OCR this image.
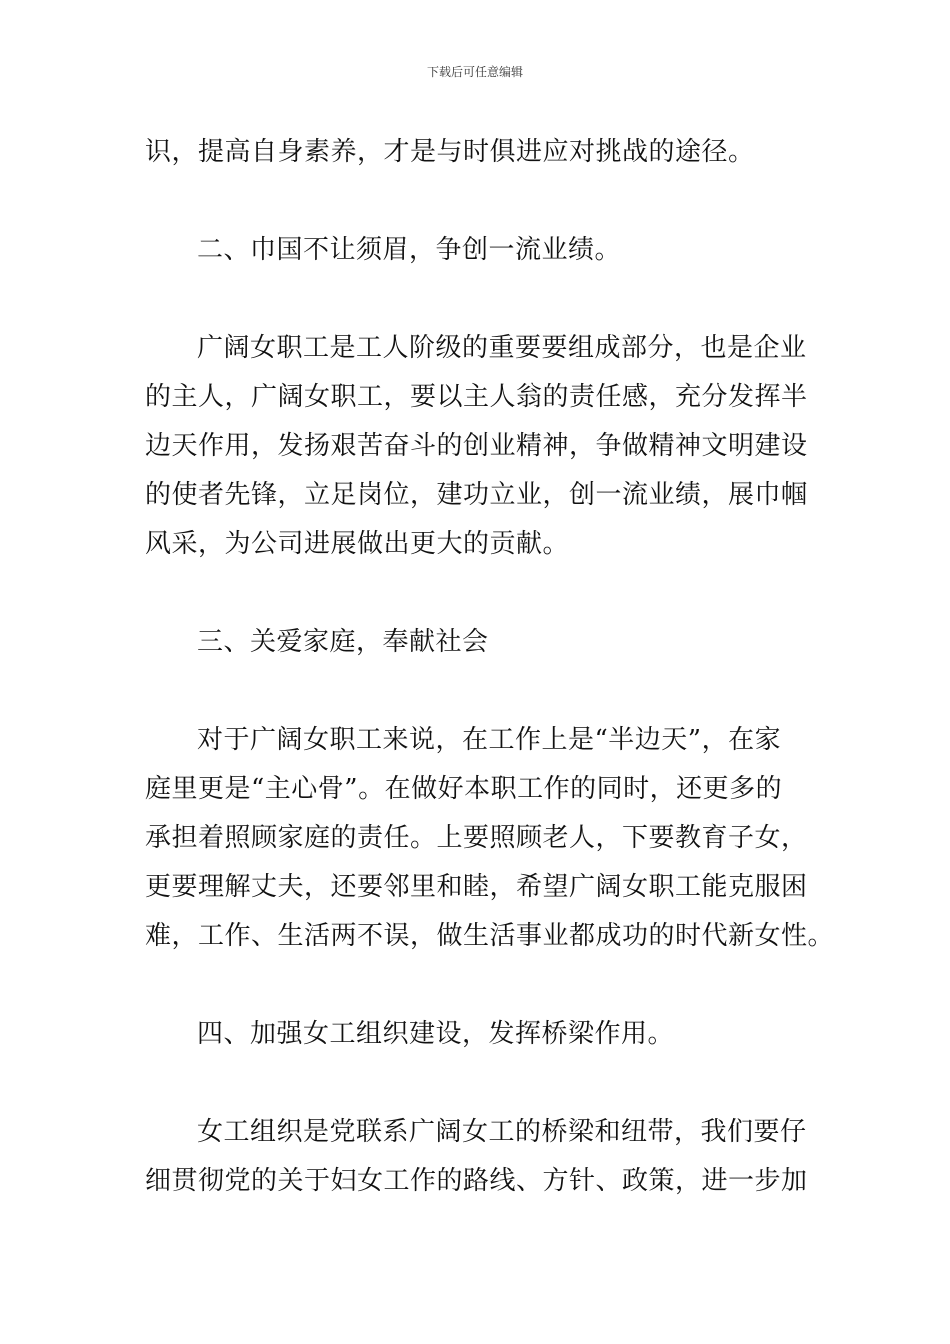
下载后可任意编辑
识，提高自身素养，才是与时俱进应对挑战的途径。
二、巾国不让须眉，争创一流业绩。
广阔女职工是工人阶级的重要要组成部分，也是企业
的主人，广阔女职工，要以主人翁的责任感，充分发挥半
边天作用，发扬艰苦奋斗的创业精神，争做精神文明建设
的使者先锋，立足岗位，建功立业，创一流业绩，展巾帼
风采，为公司进展做出更大的贡献。
三、关爱家庭，奉献社会
对于广阔女职工来说，在工作上是“半边天”，在家
庭里更是“主心骨”。在做好本职工作的同时，还更多的
承担着照顾家庭的责任。上要照顾老人，下要教育子女，
更要理解丈夫，还要邻里和睦，希望广阔女职工能克服困
难，工作、生活两不误，做生活事业都成功的时代新女性。
四、加强女工组织建设，发挥桥梁作用。
女工组织是党联系广阔女工的桥梁和纽带，我们要仔
细贯彻党的关于妇女工作的路线、方针、政策，进一步加
